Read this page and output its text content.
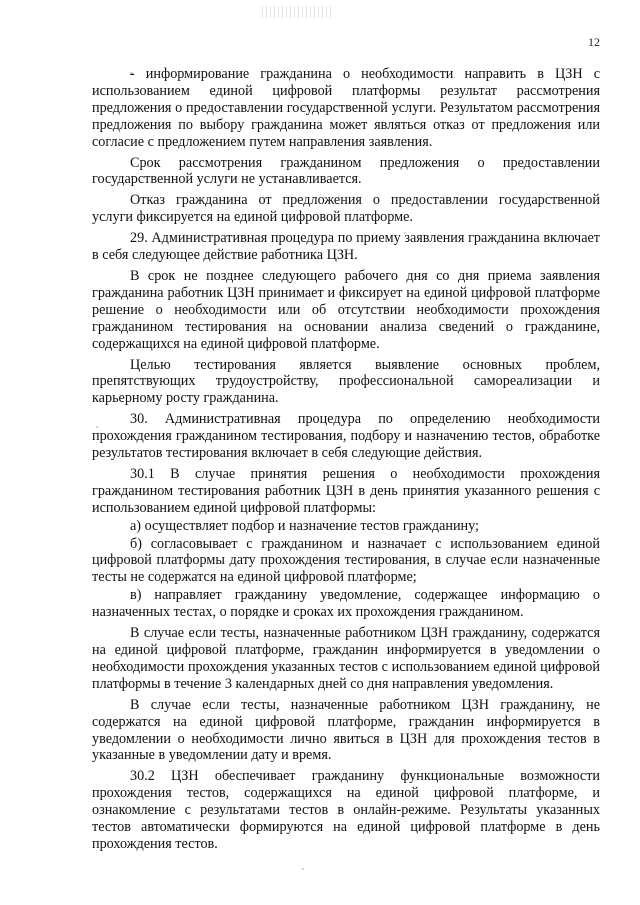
12

- информирование гражданина о необходимости направить в ЦЗН с использованием единой цифровой платформы результат рассмотрения предложения о предоставлении государственной услуги. Результатом рассмотрения предложения по выбору гражданина может являться отказ от предложения или согласие с предложением путем направления заявления.

Срок рассмотрения гражданином предложения о предоставлении государственной услуги не устанавливается.

Отказ гражданина от предложения о предоставлении государственной услуги фиксируется на единой цифровой платформе.

29. Административная процедура по приему заявления гражданина включает в себя следующее действие работника ЦЗН.

В срок не позднее следующего рабочего дня со дня приема заявления гражданина работник ЦЗН принимает и фиксирует на единой цифровой платформе решение о необходимости или об отсутствии необходимости прохождения гражданином тестирования на основании анализа сведений о гражданине, содержащихся на единой цифровой платформе.

Целью тестирования является выявление основных проблем, препятствующих трудоустройству, профессиональной самореализации и карьерному росту гражданина.

30. Административная процедура по определению необходимости прохождения гражданином тестирования, подбору и назначению тестов, обработке результатов тестирования включает в себя следующие действия.

30.1 В случае принятия решения о необходимости прохождения гражданином тестирования работник ЦЗН в день принятия указанного решения с использованием единой цифровой платформы:

а) осуществляет подбор и назначение тестов гражданину;

б) согласовывает с гражданином и назначает с использованием единой цифровой платформы дату прохождения тестирования, в случае если назначенные тесты не содержатся на единой цифровой платформе;

в) направляет гражданину уведомление, содержащее информацию о назначенных тестах, о порядке и сроках их прохождения гражданином.

В случае если тесты, назначенные работником ЦЗН гражданину, содержатся на единой цифровой платформе, гражданин информируется в уведомлении о необходимости прохождения указанных тестов с использованием единой цифровой платформы в течение 3 календарных дней со дня направления уведомления.

В случае если тесты, назначенные работником ЦЗН гражданину, не содержатся на единой цифровой платформе, гражданин информируется в уведомлении о необходимости лично явиться в ЦЗН для прохождения тестов в указанные в уведомлении дату и время.

30.2 ЦЗН обеспечивает гражданину функциональные возможности прохождения тестов, содержащихся на единой цифровой платформе, и ознакомление с результатами тестов в онлайн-режиме. Результаты указанных тестов автоматически формируются на единой цифровой платформе в день прохождения тестов.
